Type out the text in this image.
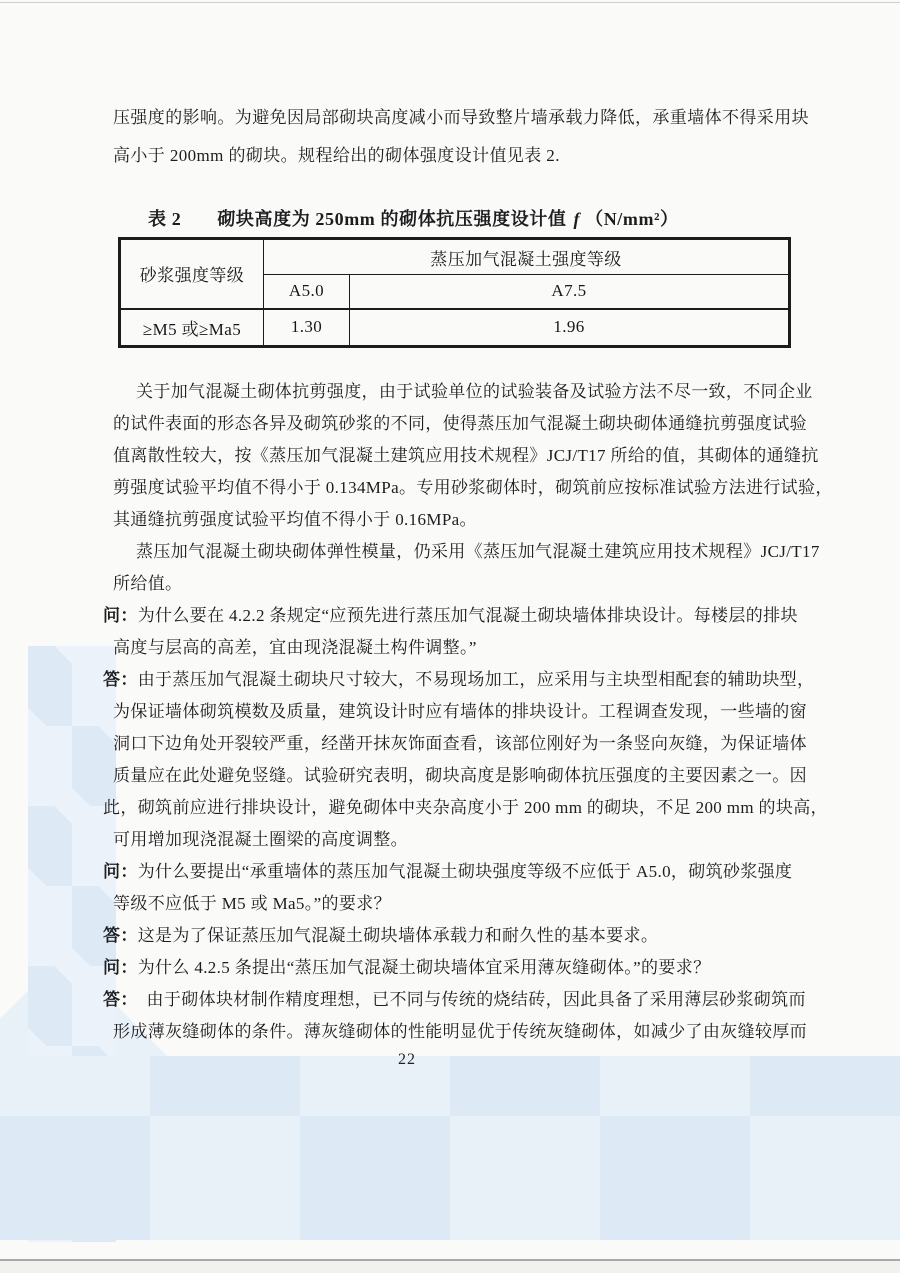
压强度的影响。为避免因局部砌块高度减小而导致整片墙承载力降低，承重墙体不得采用块
高小于 200mm 的砌块。规程给出的砌体强度设计值见表 2.
表 2 砌块高度为 250mm 的砌体抗压强度设计值 f （N/mm²）
砂浆强度等级	蒸压加气混凝土强度等级	
	A5.0	A7.5
≥M5 或≥Ma5	1.30	1.96
关于加气混凝土砌体抗剪强度，由于试验单位的试验装备及试验方法不尽一致，不同企业
的试件表面的形态各异及砌筑砂浆的不同，使得蒸压加气混凝土砌块砌体通缝抗剪强度试验
值离散性较大，按《蒸压加气混凝土建筑应用技术规程》JCJ/T17 所给的值，其砌体的通缝抗
剪强度试验平均值不得小于 0.134MPa。专用砂浆砌体时，砌筑前应按标准试验方法进行试验，
其通缝抗剪强度试验平均值不得小于 0.16MPa。
蒸压加气混凝土砌块砌体弹性模量，仍采用《蒸压加气混凝土建筑应用技术规程》JCJ/T17
所给值。
问：为什么要在 4.2.2 条规定“应预先进行蒸压加气混凝土砌块墙体排块设计。每楼层的排块
高度与层高的高差，宜由现浇混凝土构件调整。”
答：由于蒸压加气混凝土砌块尺寸较大，不易现场加工，应采用与主块型相配套的辅助块型，
为保证墙体砌筑模数及质量，建筑设计时应有墙体的排块设计。工程调查发现，一些墙的窗
洞口下边角处开裂较严重，经凿开抹灰饰面查看，该部位刚好为一条竖向灰缝，为保证墙体
质量应在此处避免竖缝。试验研究表明，砌块高度是影响砌体抗压强度的主要因素之一。因
此，砌筑前应进行排块设计，避免砌体中夹杂高度小于 200 mm 的砌块，不足 200 mm 的块高，
可用增加现浇混凝土圈梁的高度调整。
问：为什么要提出“承重墙体的蒸压加气混凝土砌块强度等级不应低于 A5.0，砌筑砂浆强度
等级不应低于 M5 或 Ma5。”的要求？
答：这是为了保证蒸压加气混凝土砌块墙体承载力和耐久性的基本要求。
问：为什么 4.2.5 条提出“蒸压加气混凝土砌块墙体宜采用薄灰缝砌体。”的要求？
答：　由于砌体块材制作精度理想，已不同与传统的烧结砖，因此具备了采用薄层砂浆砌筑而
形成薄灰缝砌体的条件。薄灰缝砌体的性能明显优于传统灰缝砌体，如减少了由灰缝较厚而
22
